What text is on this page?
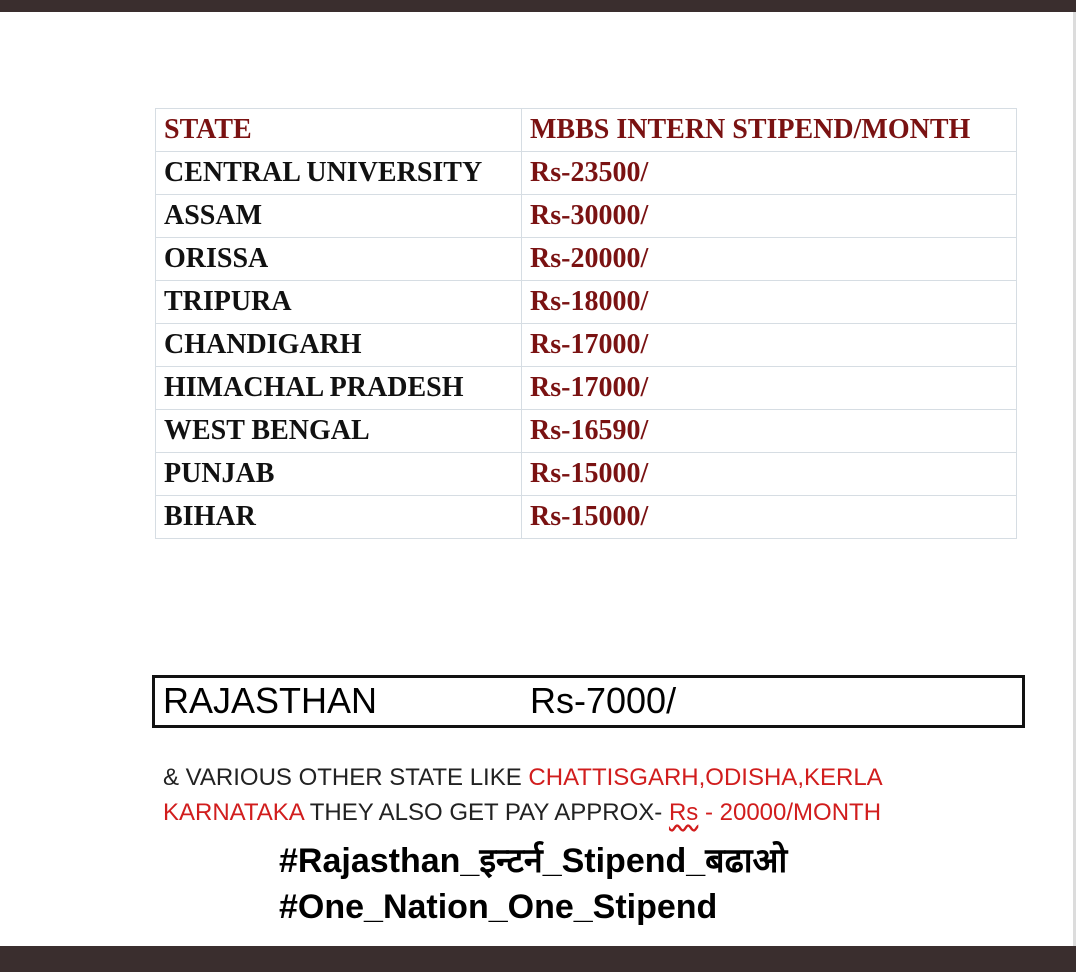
STATE	MBBS INTERN STIPEND/MONTH
CENTRAL UNIVERSITY	Rs-23500/
ASSAM	Rs-30000/
ORISSA	Rs-20000/
TRIPURA	Rs-18000/
CHANDIGARH	Rs-17000/
HIMACHAL PRADESH	Rs-17000/
WEST BENGAL	Rs-16590/
PUNJAB	Rs-15000/
BIHAR	Rs-15000/
RAJASTHAN	Rs-7000/
& VARIOUS OTHER STATE LIKE CHATTISGARH,ODISHA,KERLA
KARNATAKA THEY ALSO GET PAY APPROX- Rs - 20000/MONTH
#Rajasthan_इन्टर्न_Stipend_बढाओ
#One_Nation_One_Stipend
